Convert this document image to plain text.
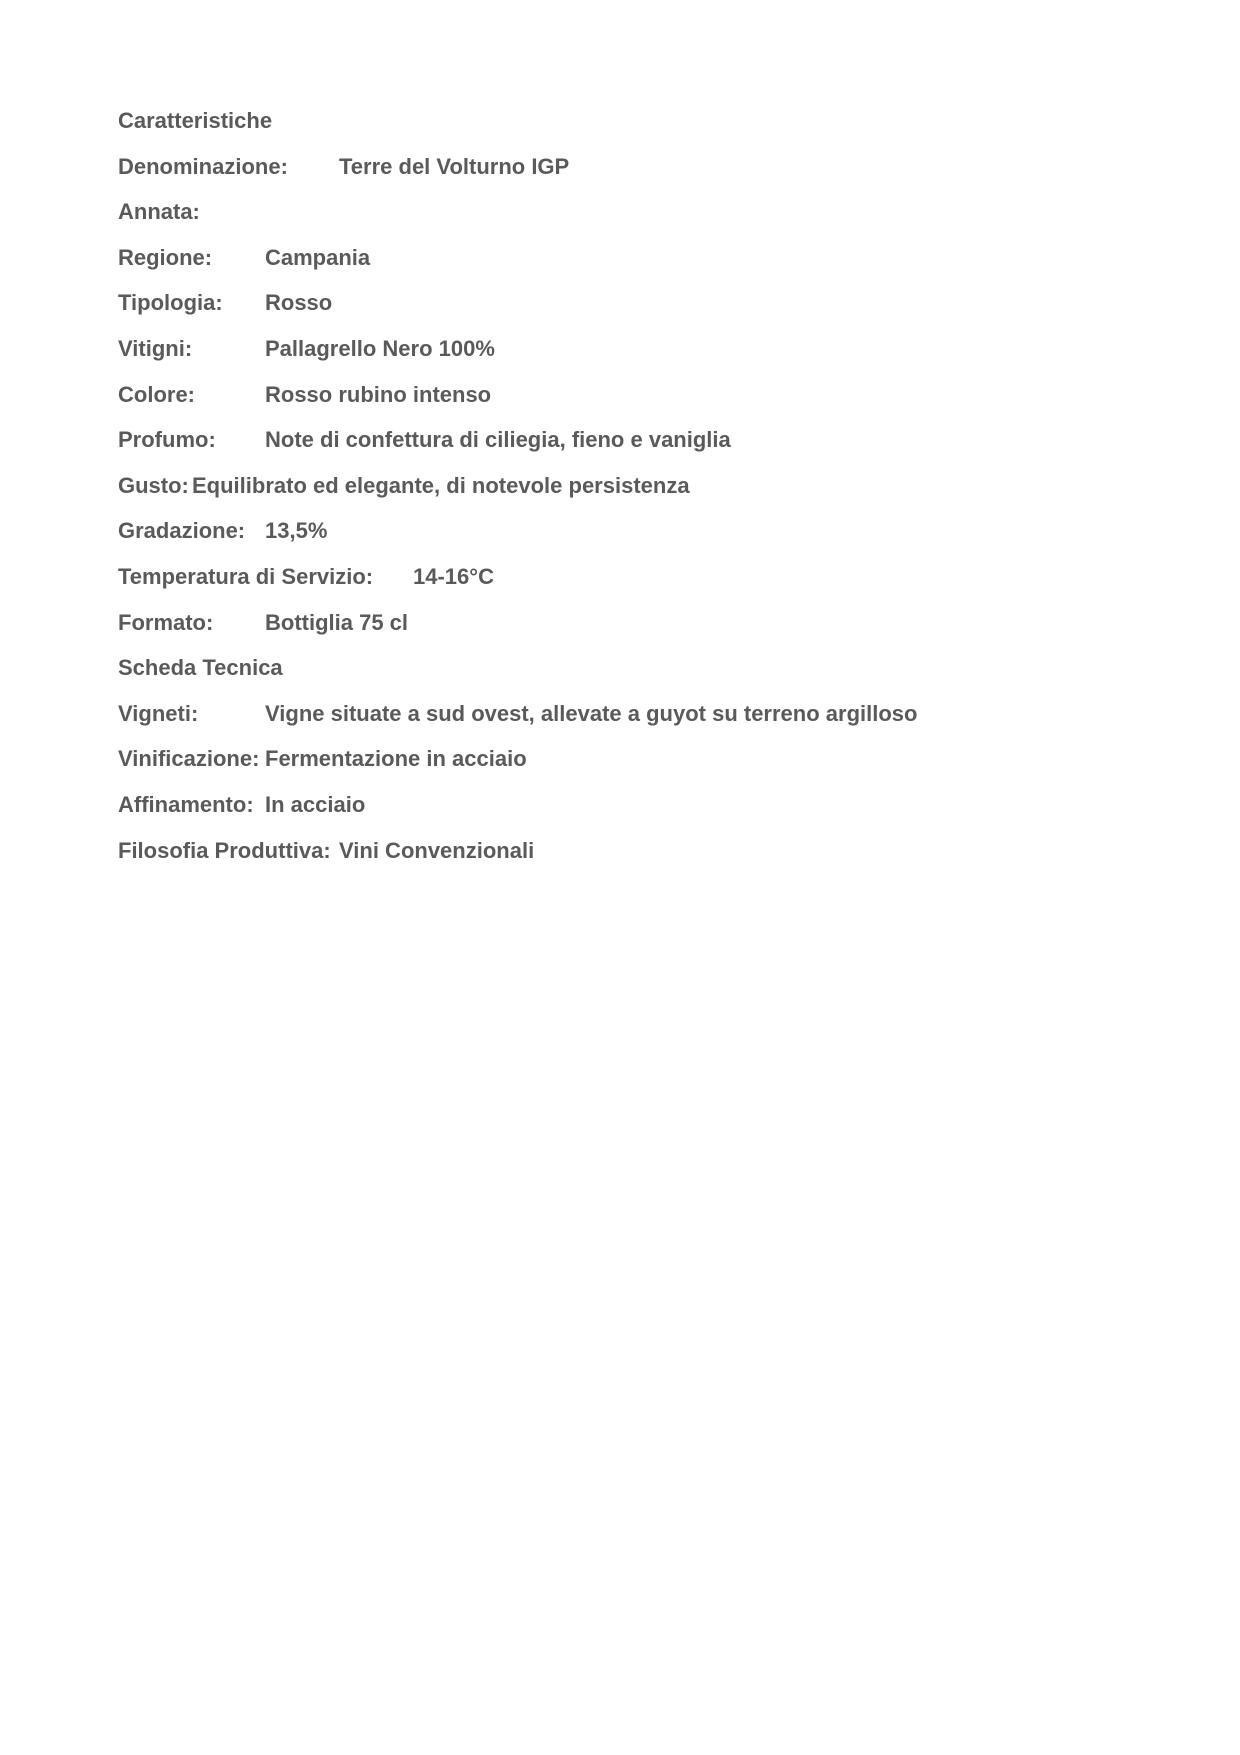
Caratteristiche
Denominazione: Terre del Volturno IGP
Annata:
Regione: Campania
Tipologia: Rosso
Vitigni:	Pallagrello Nero 100%
Colore:	Rosso rubino intenso
Profumo: Note di confettura di ciliegia, fieno e vaniglia
Gusto: Equilibrato ed elegante, di notevole persistenza
Gradazione: 13,5%
Temperatura di Servizio: 14-16°C
Formato: Bottiglia 75 cl
Scheda Tecnica
Vigneti:	Vigne situate a sud ovest, allevate a guyot su terreno argilloso
Vinificazione: Fermentazione in acciaio
Affinamento: In acciaio
Filosofia Produttiva: Vini Convenzionali
